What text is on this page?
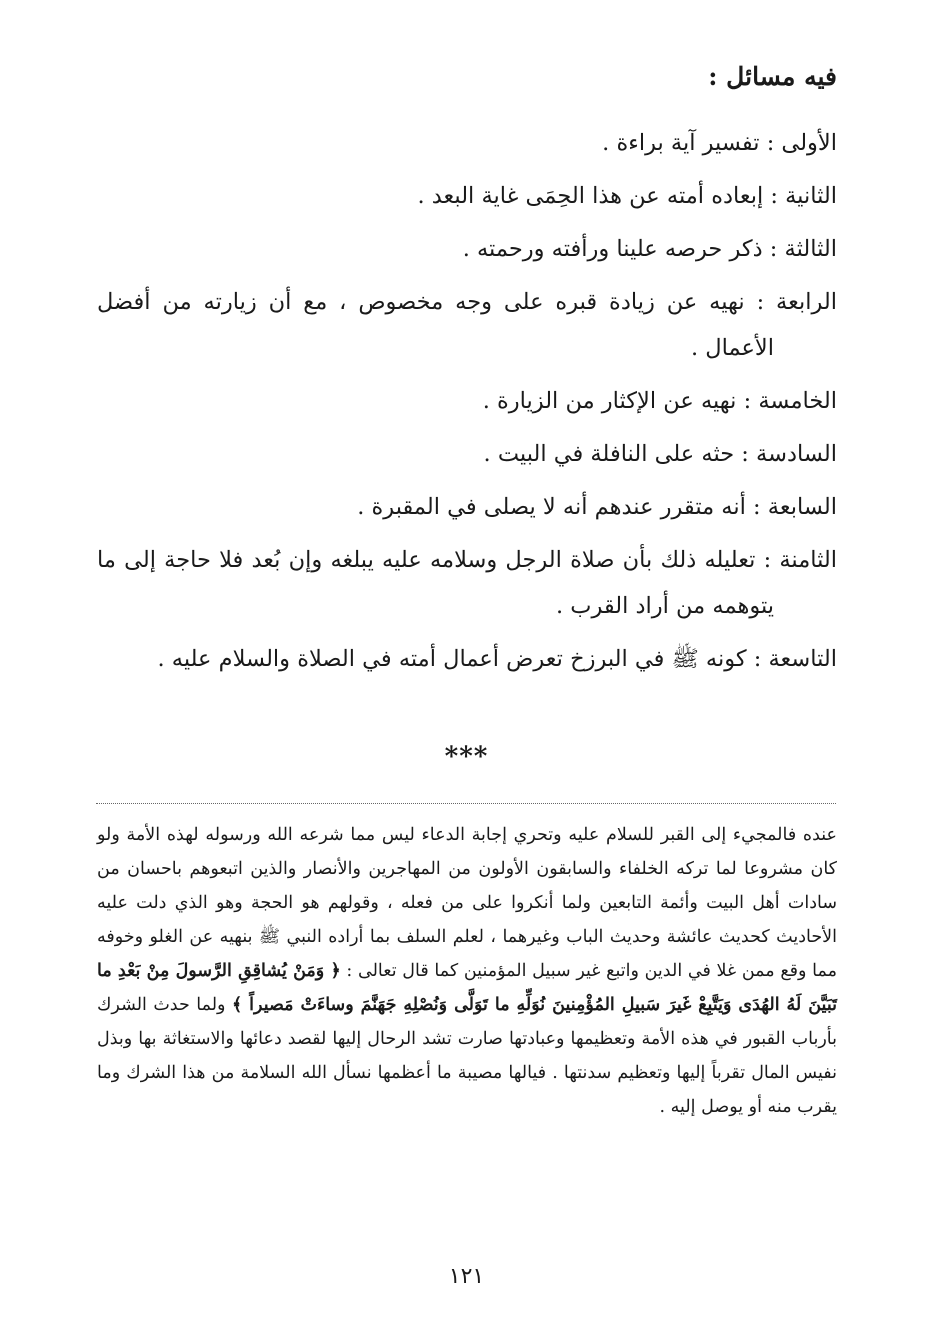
فيه مسائل :

الأولى : تفسير آية براءة .

الثانية : إبعاده أمته عن هذا الحِمَى غاية البعد .

الثالثة : ذكر حرصه علينا ورأفته ورحمته .

الرابعة : نهيه عن زيادة قبره على وجه مخصوص ، مع أن زيارته من أفضل الأعمال .

الخامسة : نهيه عن الإكثار من الزيارة .

السادسة : حثه على النافلة في البيت .

السابعة : أنه متقرر عندهم أنه لا يصلى في المقبرة .

الثامنة : تعليله ذلك بأن صلاة الرجل وسلامه عليه يبلغه وإن بُعد فلا حاجة إلى ما يتوهمه من أراد القرب .

التاسعة : كونه ﷺ في البرزخ تعرض أعمال أمته في الصلاة والسلام عليه .

***
عنده فالمجيء إلى القبر للسلام عليه وتحري إجابة الدعاء ليس مما شرعه الله ورسوله لهذه الأمة ولو كان مشروعا لما تركه الخلفاء والسابقون الأولون من المهاجرين والأنصار والذين اتبعوهم باحسان من سادات أهل البيت وأئمة التابعين ولما أنكروا على من فعله ، وقولهم هو الحجة وهو الذي دلت عليه الأحاديث كحديث عائشة وحديث الباب وغيرهما ، لعلم السلف بما أراده النبي ﷺ بنهيه عن الغلو وخوفه مما وقع ممن غلا في الدين واتبع غير سبيل المؤمنين كما قال تعالى : ﴿ وَمَنْ يُشاقِقِ الرَّسولَ مِنْ بَعْدِ ما تَبَيَّنَ لَهُ الهُدَى وَيَتَّبِعْ غَيرَ سَبيلِ المُؤْمِنينَ نُوَلِّهِ ما تَوَلَّى وَنُصْلِهِ جَهَنَّمَ وساءَتْ مَصيراً ﴾ ولما حدث الشرك بأرباب القبور في هذه الأمة وتعظيمها وعبادتها صارت تشد الرحال إليها لقصد دعائها والاستغاثة بها وبذل نفيس المال تقرباً إليها وتعظيم سدنتها . فيالها مصيبة ما أعظمها نسأل الله السلامة من هذا الشرك وما يقرب منه أو يوصل إليه .
١٢١
